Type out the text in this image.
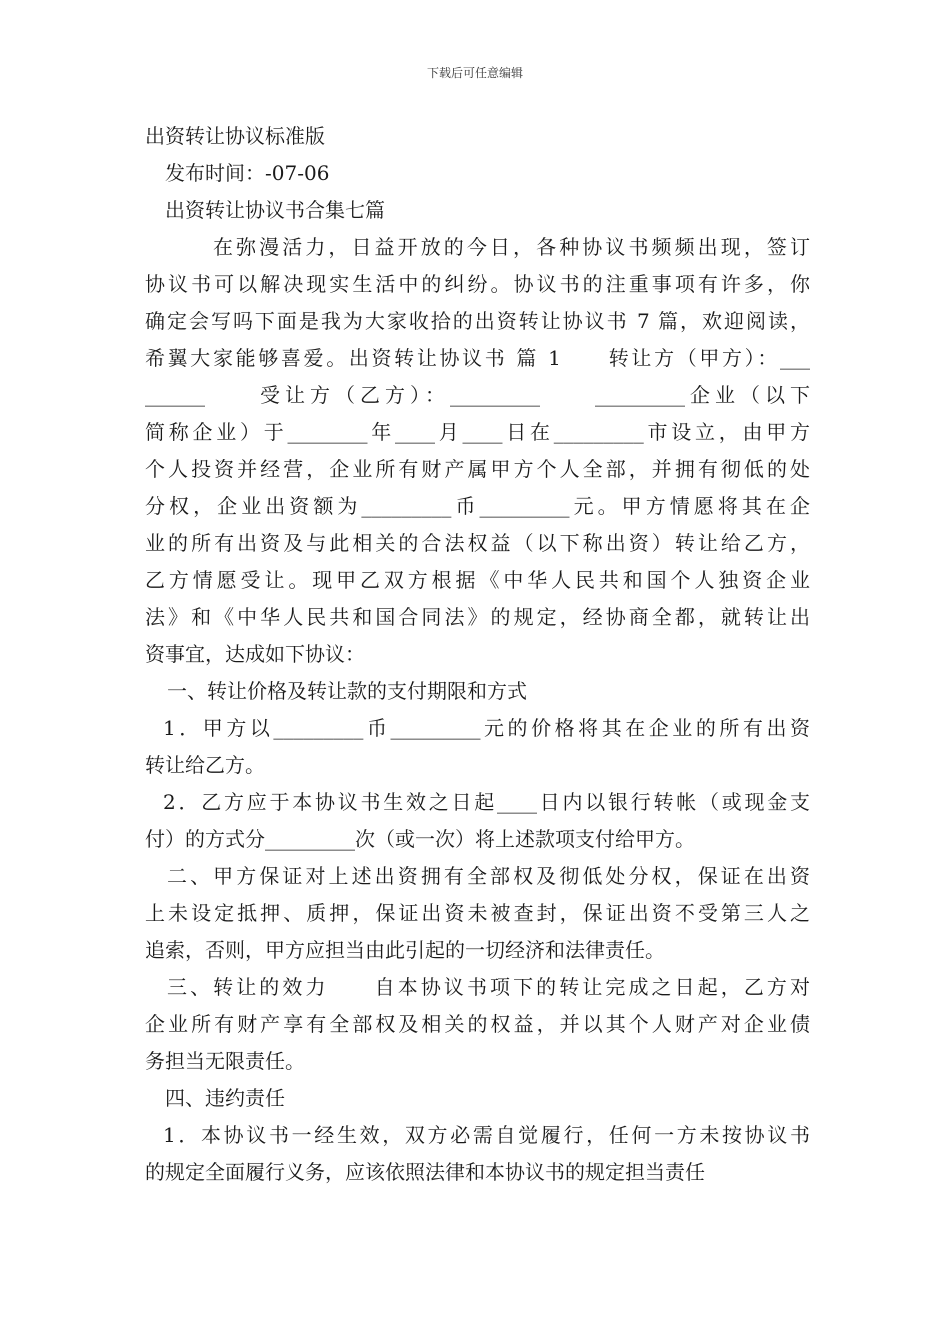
下载后可任意编辑
出资转让协议标准版
发布时间：-07-06
出资转让协议书合集七篇
在弥漫活力，日益开放的今日，各种协议书频频出现，签订
协议书可以解决现实生活中的纠纷。协议书的注重事项有许多，你
确定会写吗下面是我为大家收拾的出资转让协议书 7 篇，欢迎阅读，
希翼大家能够喜爱。出资转让协议书 篇 1　　转让方（甲方）：___
______　　受让方（乙方）：_________　　_________企业（以下
简称企业）于________年____月____日在_________市设立，由甲方
个人投资并经营，企业所有财产属甲方个人全部，并拥有彻低的处
分权，企业出资额为_________币_________元。甲方情愿将其在企
业的所有出资及与此相关的合法权益（以下称出资）转让给乙方，
乙方情愿受让。现甲乙双方根据《中华人民共和国个人独资企业
法》和《中华人民共和国合同法》的规定，经协商全都，就转让出
资事宜，达成如下协议：
一、转让价格及转让款的支付期限和方式
1．甲方以_________币_________元的价格将其在企业的所有出资
转让给乙方。
2．乙方应于本协议书生效之日起____日内以银行转帐（或现金支
付）的方式分_________次（或一次）将上述款项支付给甲方。
二、甲方保证对上述出资拥有全部权及彻低处分权，保证在出资
上未设定抵押、质押，保证出资未被查封，保证出资不受第三人之
追索，否则，甲方应担当由此引起的一切经济和法律责任。
三、转让的效力　　自本协议书项下的转让完成之日起，乙方对
企业所有财产享有全部权及相关的权益，并以其个人财产对企业债
务担当无限责任。
四、违约责任
1．本协议书一经生效，双方必需自觉履行，任何一方未按协议书
的规定全面履行义务，应该依照法律和本协议书的规定担当责任
